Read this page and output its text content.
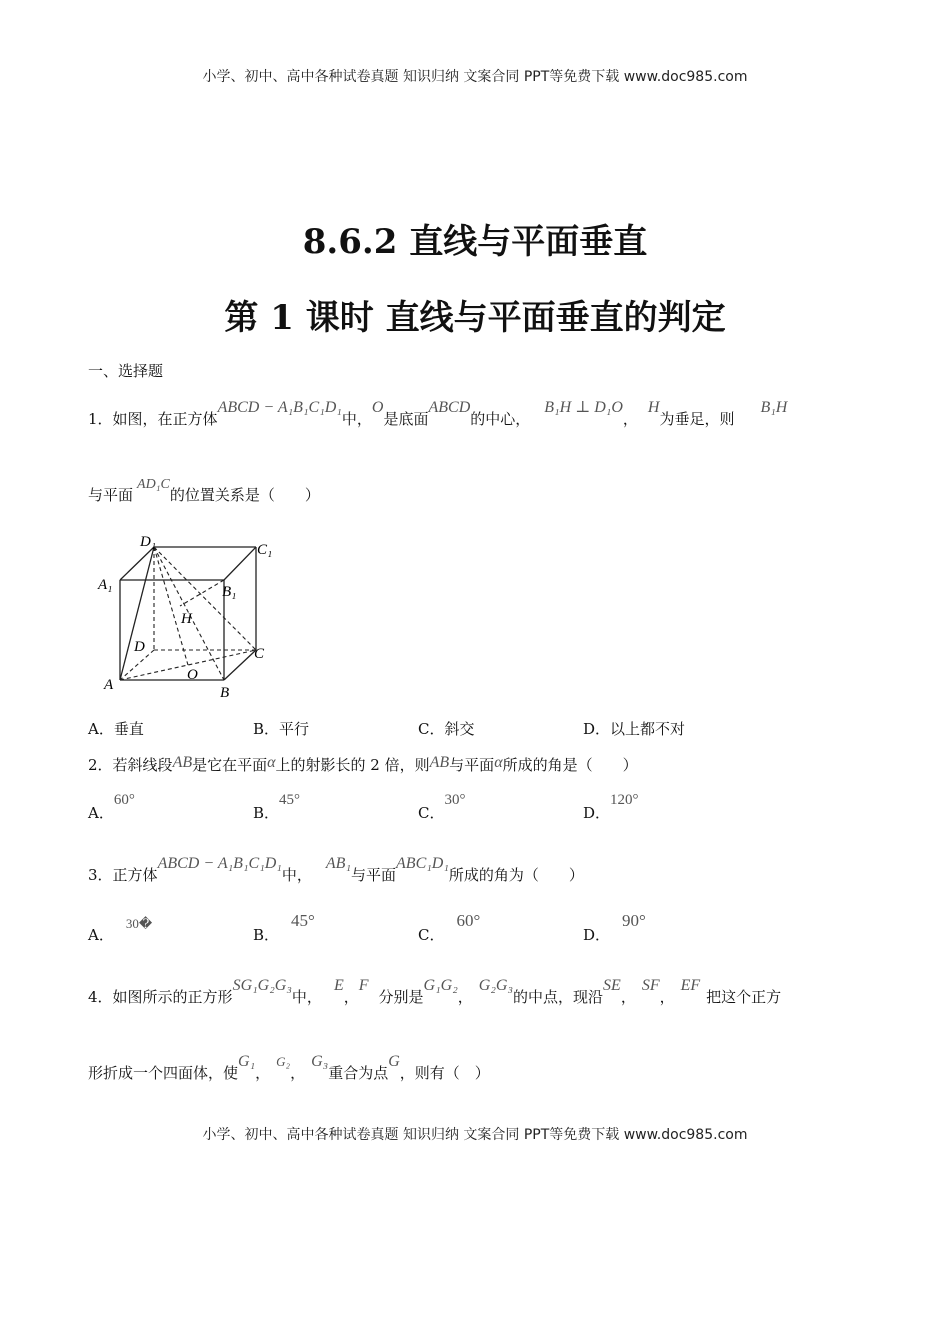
小学、初中、高中各种试卷真题 知识归纳 文案合同 PPT等免费下载 www.doc985.com
8.6.2 直线与平面垂直
第 1 课时 直线与平面垂直的判定
一、选择题
1．如图，在正方体ABCD − A₁B₁C₁D₁中，O是底面ABCD的中心，B₁H ⊥ D₁O，H为垂足，则B₁H
与平面AD₁C的位置关系是（　　）
D₁	C₁
A₁	B₁
H
D	C
O
A	B
A．垂直	B．平行	C．斜交	D．以上都不对
2．若斜线段AB是它在平面α上的射影长的 2 倍，则AB与平面α所成的角是（　　）
A．60°
B．45°
C．30°
D．120°
3．正方体ABCD − A₁B₁C₁D₁中，AB₁与平面ABC₁D₁所成的角为（　　）
A．30�
B．45°
C．60°
D．90°
4．如图所示的正方形SG₁G₂G₃中，E，F分别是G₁G₂，G₂G₃的中点，现沿SE，SF，EF把这个正方
形折成一个四面体，使G₁，G₂，G₃重合为点G，则有（　）
小学、初中、高中各种试卷真题 知识归纳 文案合同 PPT等免费下载 www.doc985.com
